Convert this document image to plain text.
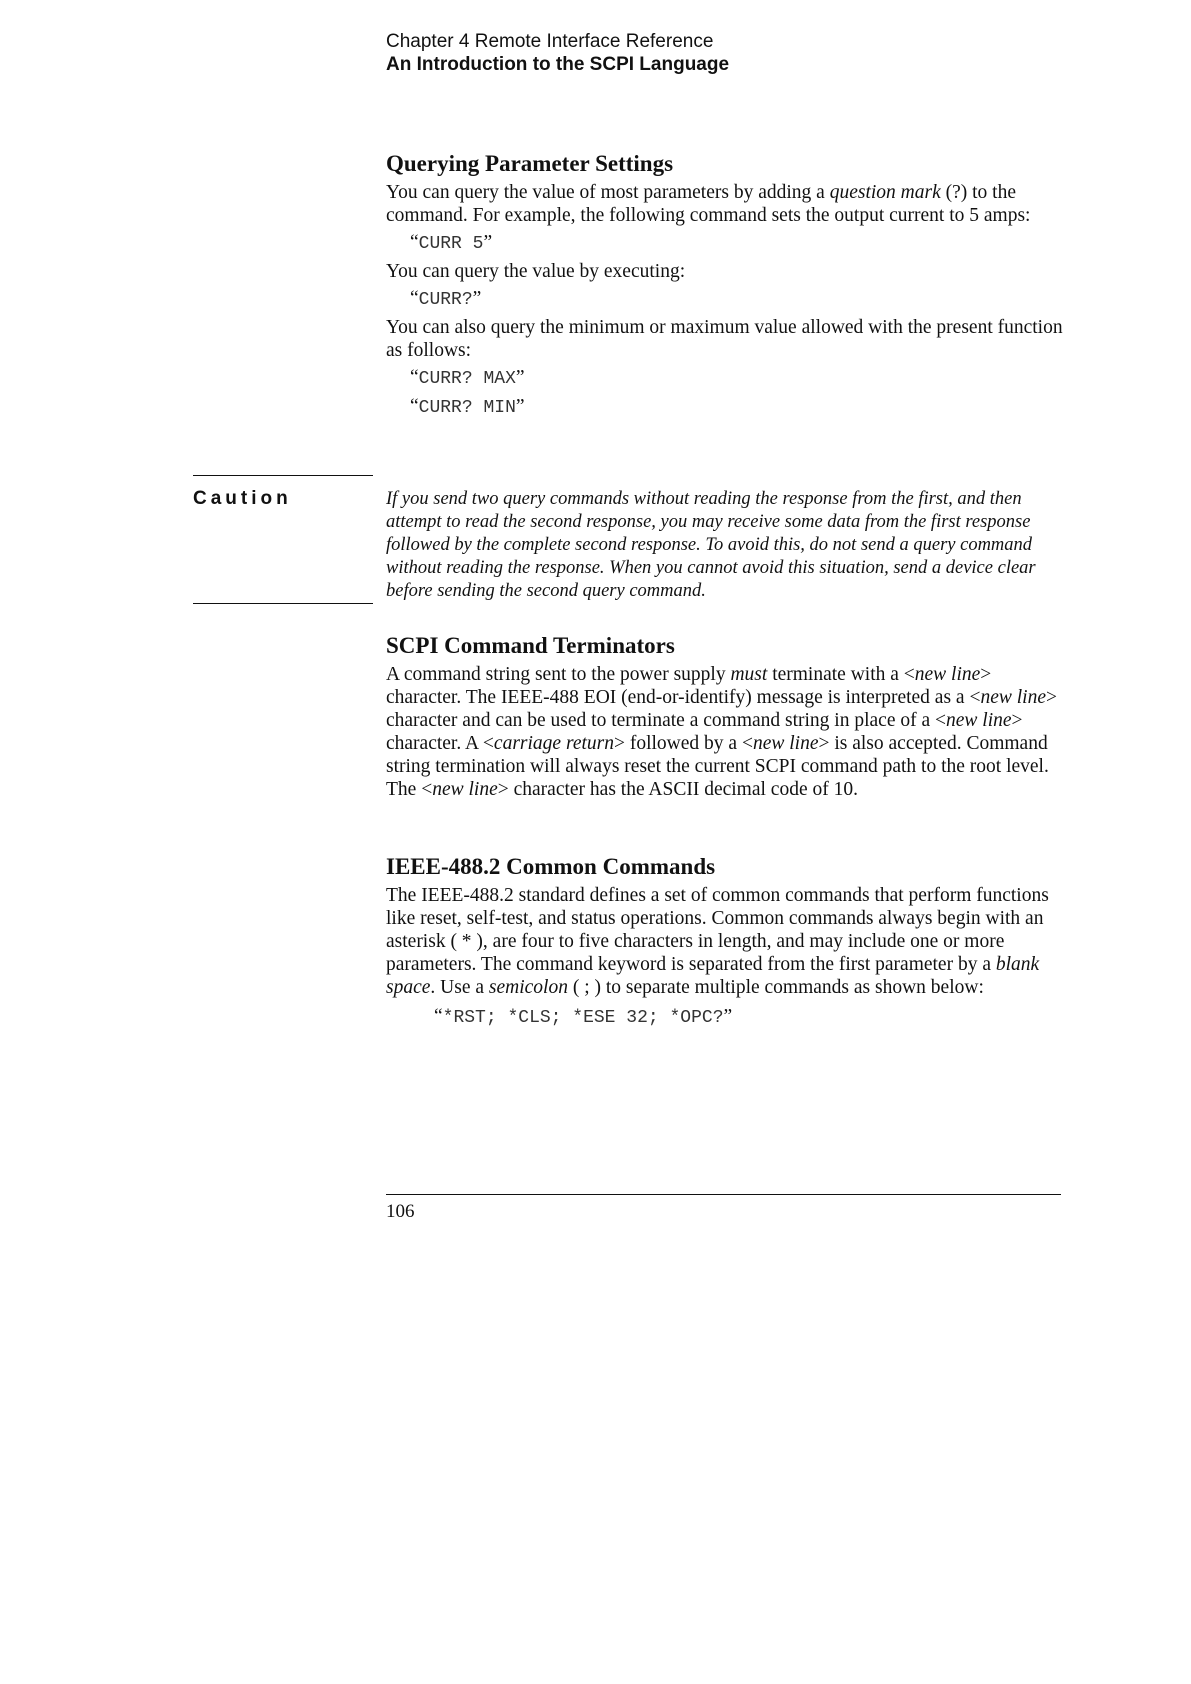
Chapter 4 Remote Interface Reference
An Introduction to the SCPI Language
Querying Parameter Settings

You can query the value of most parameters by adding a question mark (?) to the command. For example, the following command sets the output current to 5 amps:

“CURR 5”

You can query the value by executing:

“CURR?”

You can also query the minimum or maximum value allowed with the present function as follows:

“CURR? MAX”
“CURR? MIN”
Caution	If you send two query commands without reading the response from the first, and then attempt to read the second response, you may receive some data from the first response followed by the complete second response. To avoid this, do not send a query command without reading the response. When you cannot avoid this situation, send a device clear before sending the second query command.
SCPI Command Terminators

A command string sent to the power supply must terminate with a <new line> character. The IEEE-488 EOI (end-or-identify) message is interpreted as a <new line> character and can be used to terminate a command string in place of a <new line> character. A <carriage return> followed by a <new line> is also accepted. Command string termination will always reset the current SCPI command path to the root level. The <new line> character has the ASCII decimal code of 10.

IEEE-488.2 Common Commands

The IEEE-488.2 standard defines a set of common commands that perform functions like reset, self-test, and status operations. Common commands always begin with an asterisk ( * ), are four to five characters in length, and may include one or more parameters. The command keyword is separated from the first parameter by a blank space. Use a semicolon ( ; ) to separate multiple commands as shown below:

“*RST; *CLS; *ESE 32; *OPC?”
106
